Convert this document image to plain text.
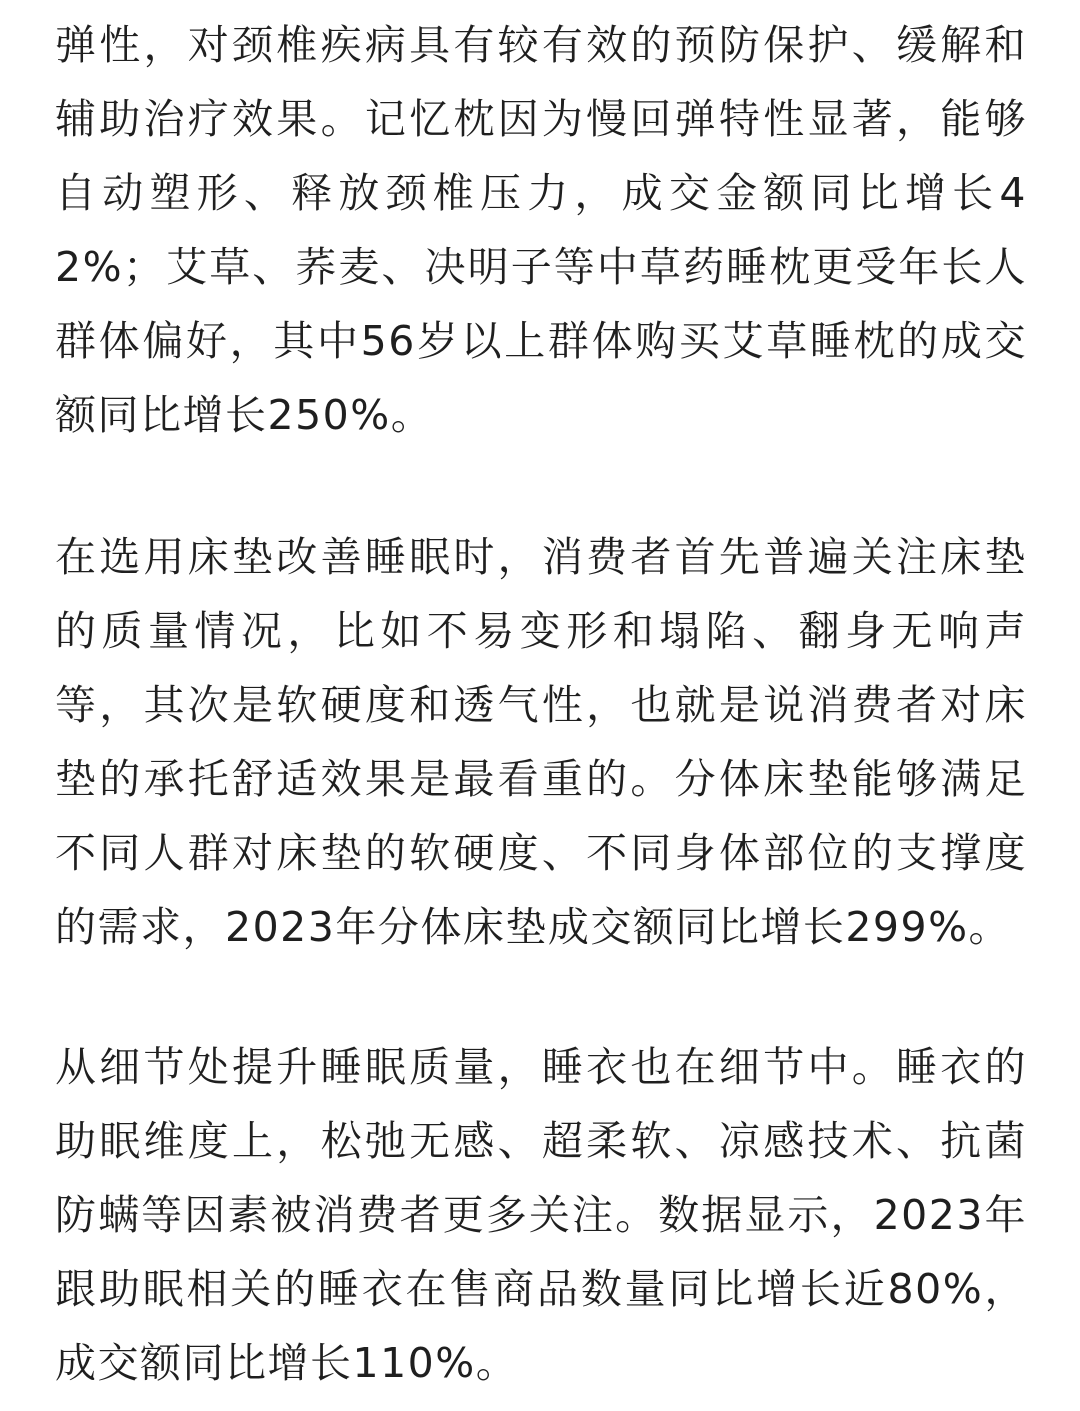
弹性，对颈椎疾病具有较有效的预防保护、缓解和辅助治疗效果。记忆枕因为慢回弹特性显著，能够自动塑形、释放颈椎压力，成交金额同比增长42%；艾草、荞麦、决明子等中草药睡枕更受年长人群体偏好，其中56岁以上群体购买艾草睡枕的成交额同比增长250%。

在选用床垫改善睡眠时，消费者首先普遍关注床垫的质量情况，比如不易变形和塌陷、翻身无响声等，其次是软硬度和透气性，也就是说消费者对床垫的承托舒适效果是最看重的。分体床垫能够满足不同人群对床垫的软硬度、不同身体部位的支撑度的需求，2023年分体床垫成交额同比增长299%。

从细节处提升睡眠质量，睡衣也在细节中。睡衣的助眠维度上，松弛无感、超柔软、凉感技术、抗菌防螨等因素被消费者更多关注。数据显示，2023年跟助眠相关的睡衣在售商品数量同比增长近80%，成交额同比增长110%。
